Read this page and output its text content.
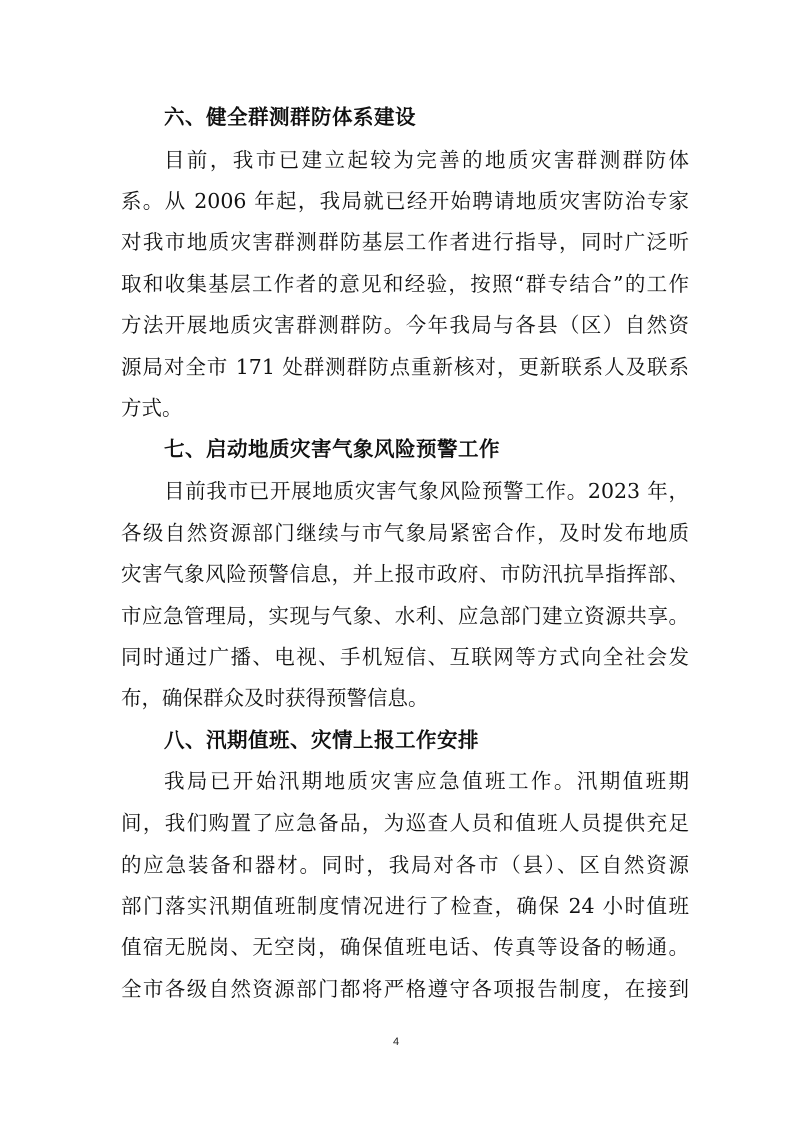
六、健全群测群防体系建设
目前，我市已建立起较为完善的地质灾害群测群防体
系。从 2006 年起，我局就已经开始聘请地质灾害防治专家
对我市地质灾害群测群防基层工作者进行指导，同时广泛听
取和收集基层工作者的意见和经验，按照“群专结合”的工作
方法开展地质灾害群测群防。今年我局与各县（区）自然资
源局对全市 171 处群测群防点重新核对，更新联系人及联系
方式。
七、启动地质灾害气象风险预警工作
目前我市已开展地质灾害气象风险预警工作。2023 年，
各级自然资源部门继续与市气象局紧密合作，及时发布地质
灾害气象风险预警信息，并上报市政府、市防汛抗旱指挥部、
市应急管理局，实现与气象、水利、应急部门建立资源共享。
同时通过广播、电视、手机短信、互联网等方式向全社会发
布，确保群众及时获得预警信息。
八、汛期值班、灾情上报工作安排
我局已开始汛期地质灾害应急值班工作。汛期值班期
间，我们购置了应急备品，为巡查人员和值班人员提供充足
的应急装备和器材。同时，我局对各市（县）、区自然资源
部门落实汛期值班制度情况进行了检查，确保 24 小时值班
值宿无脱岗、无空岗，确保值班电话、传真等设备的畅通。
全市各级自然资源部门都将严格遵守各项报告制度，在接到
4
